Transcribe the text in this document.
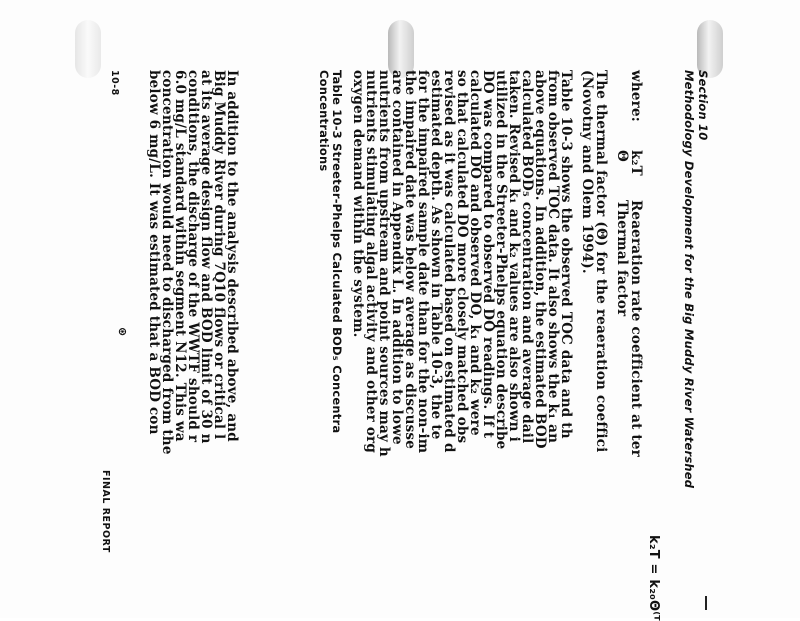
Section 10
Methodology Development for the Big Muddy River Watershed
k₂T = k₂₀Θ⁽ᵀ
where:
k₂T
Reaeration rate coefficient at ter
Θ
Thermal factor
The thermal factor (Θ) for the reaeration coeffici
(Novotny and Olem 1994).
Table 10-3 shows the observed TOC data and th
from observed TOC data. It also shows the k₁ an
above equations. In addition, the estimated BOD
calculated BOD₅ concentration and average dail
taken. Revised k₁ and k₂ values are also shown i
utilized in the Streeter-Phelps equation describe
DO was compared to observed DO readings. If t
calculated DO and observed DO, k₁ and k₂ were
so that calculated DO more closely matched obs
revised as it was calculated based on estimated d
estimated depth. As shown in Table 10-3, the te
for the impaired sample date than for the non-im
the impaired date was below average as discusse
are contained in Appendix L. In addition to lowe
nutrients from upstream and point sources may h
nutrients stimulating algal activity and other org
oxygen demand within the system.
Table 10-3 Streeter-Phelps Calculated BOD₅ Concentra
Concentrations
In addition to the analysis described above, and
Big Muddy River during 7Q10 flows or critical l
at its average design flow and BOD limit of 30 n
conditions, the discharge of the WWTF should r
6.0 mg/L standard within segment N12. This wa
concentration would need to discharged from the
below 6 mg/L. It was estimated that a BOD con
10-8
⊛
FINAL REPORT
